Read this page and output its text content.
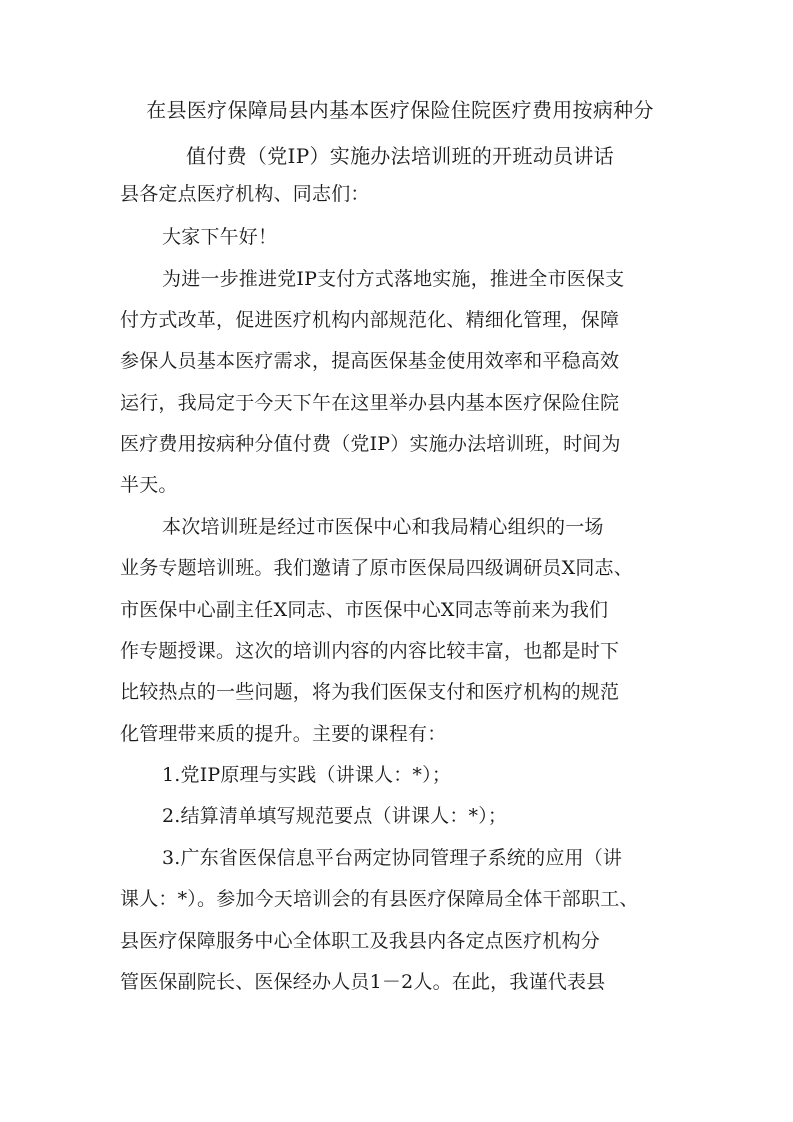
在县医疗保障局县内基本医疗保险住院医疗费用按病种分
值付费（党IP）实施办法培训班的开班动员讲话
县各定点医疗机构、同志们：
大家下午好！
为进一步推进党IP支付方式落地实施，推进全市医保支
付方式改革，促进医疗机构内部规范化、精细化管理，保障
参保人员基本医疗需求，提高医保基金使用效率和平稳高效
运行，我局定于今天下午在这里举办县内基本医疗保险住院
医疗费用按病种分值付费（党IP）实施办法培训班，时间为
半天。
本次培训班是经过市医保中心和我局精心组织的一场
业务专题培训班。我们邀请了原市医保局四级调研员X同志、
市医保中心副主任X同志、市医保中心X同志等前来为我们
作专题授课。这次的培训内容的内容比较丰富，也都是时下
比较热点的一些问题，将为我们医保支付和医疗机构的规范
化管理带来质的提升。主要的课程有：
1.党IP原理与实践（讲课人：*）；
2.结算清单填写规范要点（讲课人：*）；
3.广东省医保信息平台两定协同管理子系统的应用（讲
课人：*）。参加今天培训会的有县医疗保障局全体干部职工、
县医疗保障服务中心全体职工及我县内各定点医疗机构分
管医保副院长、医保经办人员1－2人。在此，我谨代表县
